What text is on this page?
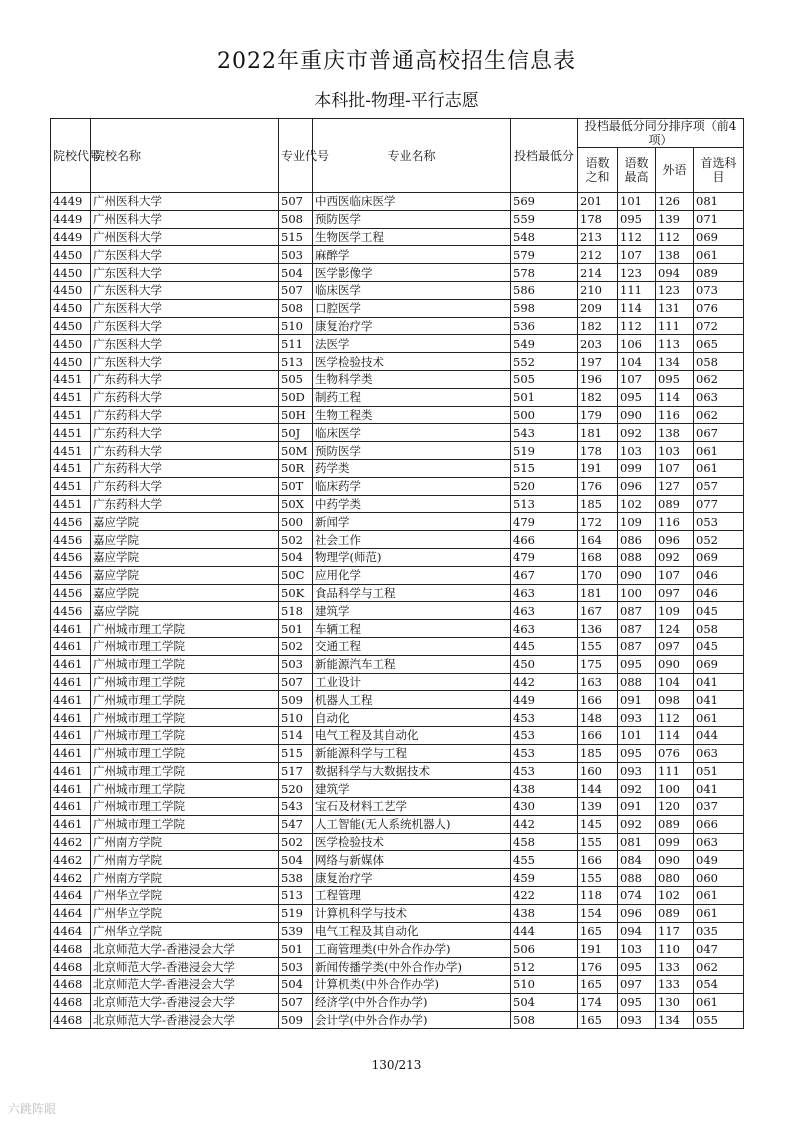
2022年重庆市普通高校招生信息表
本科批-物理-平行志愿
院校代号	院校名称	专业代号	专业名称	投档最低分	投档最低分同分排序项（前4项）			
					语数之和	语数最高	外语	首选科目
4449	广州医科大学	507	中西医临床医学	569	201	101	126	081
4449	广州医科大学	508	预防医学	559	178	095	139	071
4449	广州医科大学	515	生物医学工程	548	213	112	112	069
4450	广东医科大学	503	麻醉学	579	212	107	138	061
4450	广东医科大学	504	医学影像学	578	214	123	094	089
4450	广东医科大学	507	临床医学	586	210	111	123	073
4450	广东医科大学	508	口腔医学	598	209	114	131	076
4450	广东医科大学	510	康复治疗学	536	182	112	111	072
4450	广东医科大学	511	法医学	549	203	106	113	065
4450	广东医科大学	513	医学检验技术	552	197	104	134	058
4451	广东药科大学	505	生物科学类	505	196	107	095	062
4451	广东药科大学	50D	制药工程	501	182	095	114	063
4451	广东药科大学	50H	生物工程类	500	179	090	116	062
4451	广东药科大学	50J	临床医学	543	181	092	138	067
4451	广东药科大学	50M	预防医学	519	178	103	103	061
4451	广东药科大学	50R	药学类	515	191	099	107	061
4451	广东药科大学	50T	临床药学	520	176	096	127	057
4451	广东药科大学	50X	中药学类	513	185	102	089	077
4456	嘉应学院	500	新闻学	479	172	109	116	053
4456	嘉应学院	502	社会工作	466	164	086	096	052
4456	嘉应学院	504	物理学(师范)	479	168	088	092	069
4456	嘉应学院	50C	应用化学	467	170	090	107	046
4456	嘉应学院	50K	食品科学与工程	463	181	100	097	046
4456	嘉应学院	518	建筑学	463	167	087	109	045
4461	广州城市理工学院	501	车辆工程	463	136	087	124	058
4461	广州城市理工学院	502	交通工程	445	155	087	097	045
4461	广州城市理工学院	503	新能源汽车工程	450	175	095	090	069
4461	广州城市理工学院	507	工业设计	442	163	088	104	041
4461	广州城市理工学院	509	机器人工程	449	166	091	098	041
4461	广州城市理工学院	510	自动化	453	148	093	112	061
4461	广州城市理工学院	514	电气工程及其自动化	453	166	101	114	044
4461	广州城市理工学院	515	新能源科学与工程	453	185	095	076	063
4461	广州城市理工学院	517	数据科学与大数据技术	453	160	093	111	051
4461	广州城市理工学院	520	建筑学	438	144	092	100	041
4461	广州城市理工学院	543	宝石及材料工艺学	430	139	091	120	037
4461	广州城市理工学院	547	人工智能(无人系统机器人)	442	145	092	089	066
4462	广州南方学院	502	医学检验技术	458	155	081	099	063
4462	广州南方学院	504	网络与新媒体	455	166	084	090	049
4462	广州南方学院	538	康复治疗学	459	155	088	080	060
4464	广州华立学院	513	工程管理	422	118	074	102	061
4464	广州华立学院	519	计算机科学与技术	438	154	096	089	061
4464	广州华立学院	539	电气工程及其自动化	444	165	094	117	035
4468	北京师范大学-香港浸会大学	501	工商管理类(中外合作办学)	506	191	103	110	047
4468	北京师范大学-香港浸会大学	503	新闻传播学类(中外合作办学)	512	176	095	133	062
4468	北京师范大学-香港浸会大学	504	计算机类(中外合作办学)	510	165	097	133	054
4468	北京师范大学-香港浸会大学	507	经济学(中外合作办学)	504	174	095	130	061
4468	北京师范大学-香港浸会大学	509	会计学(中外合作办学)	508	165	093	134	055
130/213
六跳阵眼
